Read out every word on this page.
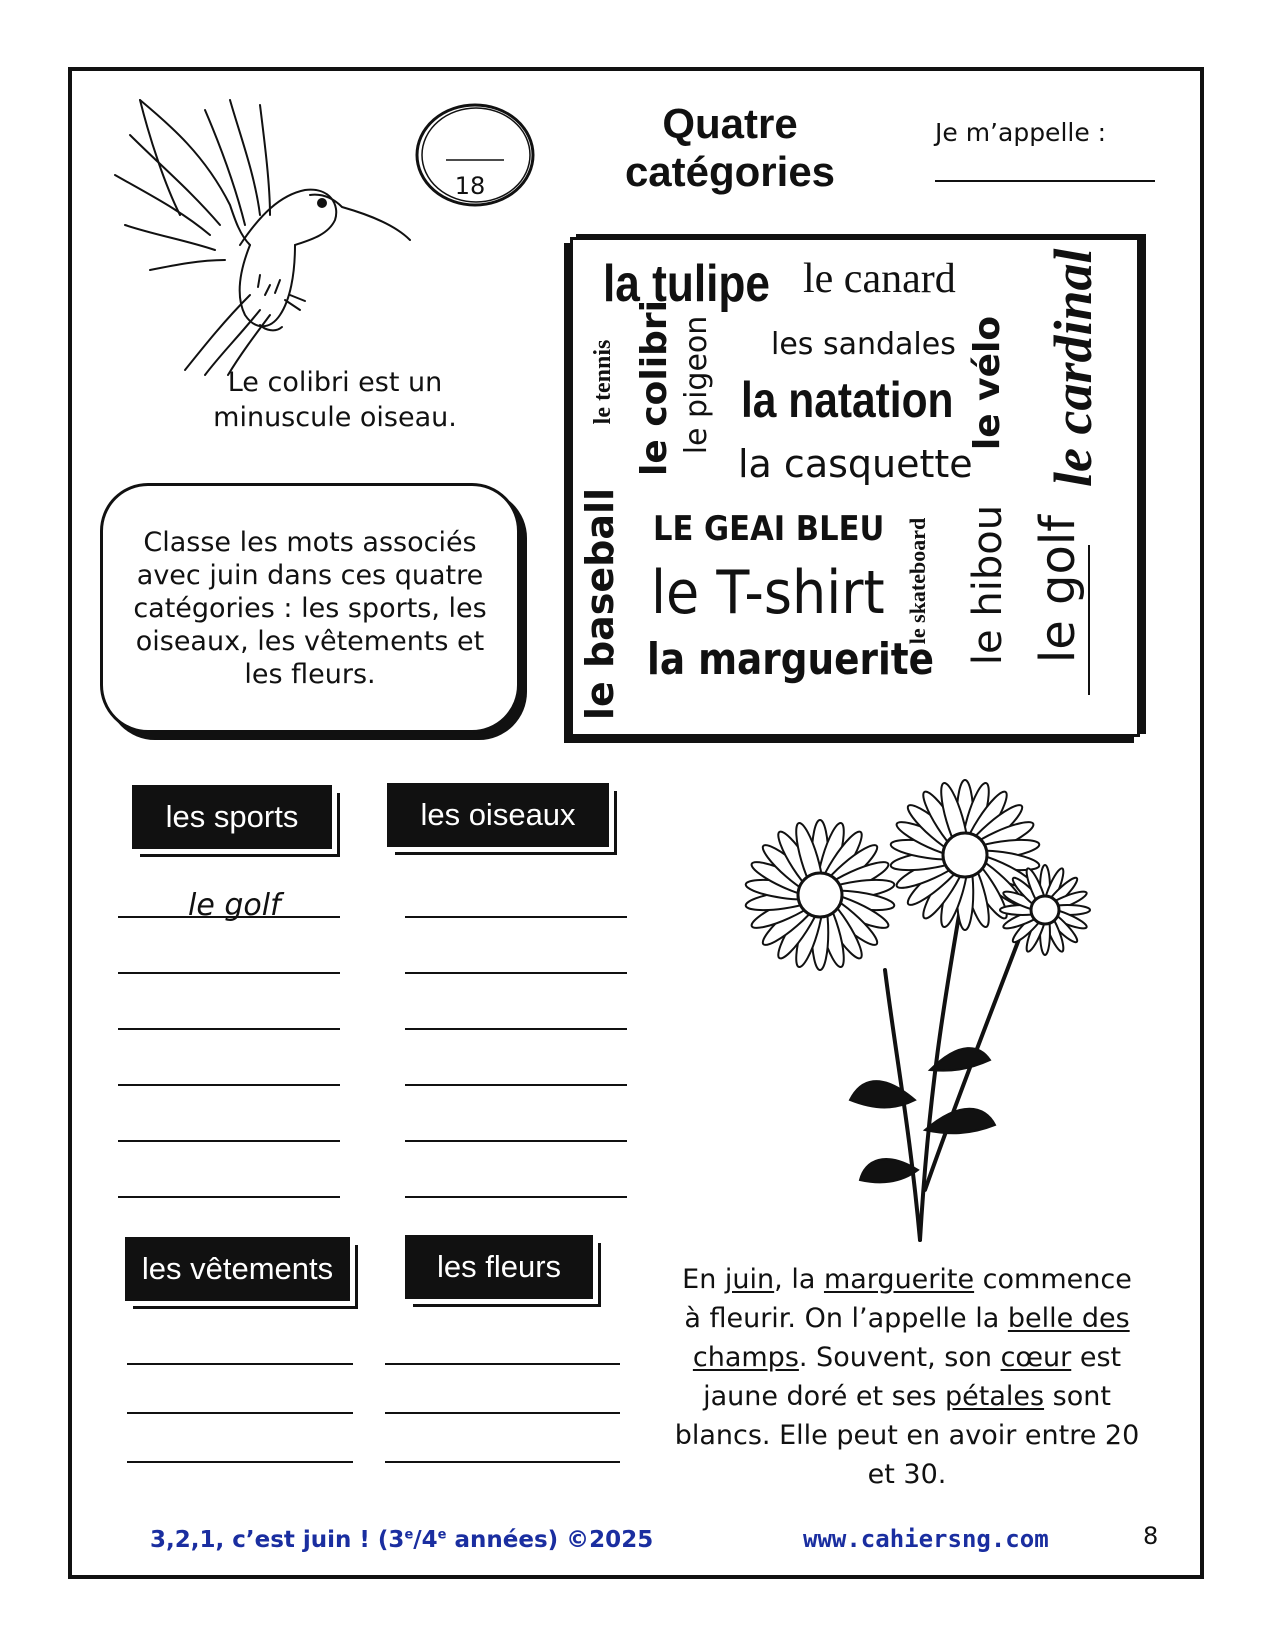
18
Quatre
catégories
Je m’appelle :
Le colibri est un minuscule oiseau.
Classe les mots associés avec juin dans ces quatre catégories : les sports, les oiseaux, les vêtements et les fleurs.
la tulipe le canard
les sandales
la natation
la casquette
LE GEAI BLEU
le T-shirt
la marguerite
le tennis le colibri le pigeon
le baseball
le vélo le cardinal
le skateboard le hibou le golf
les sports	les oiseaux
les vêtements	les fleurs
le golf
En juin, la marguerite commence à fleurir. On l’appelle la belle des champs. Souvent, son cœur est jaune doré et ses pétales sont blancs. Elle peut en avoir entre 20 et 30.
3,2,1, c’est juin ! (3e/4e années) ©2025	www.cahiersng.com	8
